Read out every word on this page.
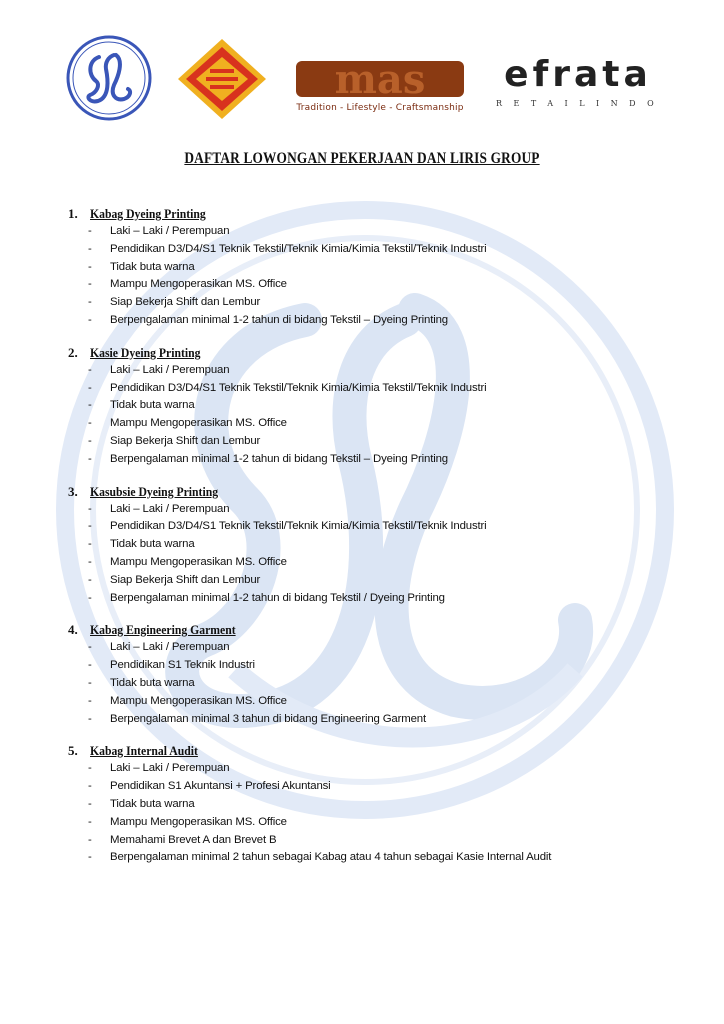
mas
Tradition - Lifestyle - Craftsmanship
efrata
RETAILINDO
DAFTAR LOWONGAN PEKERJAAN DAN LIRIS GROUP
1. Kabag Dyeing Printing
-	Laki – Laki / Perempuan
-	Pendidikan D3/D4/S1 Teknik Tekstil/Teknik Kimia/Kimia Tekstil/Teknik Industri
-	Tidak buta warna
-	Mampu Mengoperasikan MS. Office
-	Siap Bekerja Shift dan Lembur
-	Berpengalaman minimal 1-2 tahun di bidang Tekstil – Dyeing Printing
2. Kasie Dyeing Printing
-	Laki – Laki / Perempuan
-	Pendidikan D3/D4/S1 Teknik Tekstil/Teknik Kimia/Kimia Tekstil/Teknik Industri
-	Tidak buta warna
-	Mampu Mengoperasikan MS. Office
-	Siap Bekerja Shift dan Lembur
-	Berpengalaman minimal 1-2 tahun di bidang Tekstil – Dyeing Printing
3. Kasubsie Dyeing Printing
-	Laki – Laki / Perempuan
-	Pendidikan D3/D4/S1 Teknik Tekstil/Teknik Kimia/Kimia Tekstil/Teknik Industri
-	Tidak buta warna
-	Mampu Mengoperasikan MS. Office
-	Siap Bekerja Shift dan Lembur
-	Berpengalaman minimal 1-2 tahun di bidang Tekstil / Dyeing Printing
4. Kabag Engineering Garment
-	Laki – Laki / Perempuan
-	Pendidikan S1 Teknik Industri
-	Tidak buta warna
-	Mampu Mengoperasikan MS. Office
-	Berpengalaman minimal 3 tahun di bidang Engineering Garment
5. Kabag Internal Audit
-	Laki – Laki / Perempuan
-	Pendidikan S1 Akuntansi + Profesi Akuntansi
-	Tidak buta warna
-	Mampu Mengoperasikan MS. Office
-	Memahami Brevet A dan Brevet B
-	Berpengalaman minimal 2 tahun sebagai Kabag atau 4 tahun sebagai Kasie Internal Audit
